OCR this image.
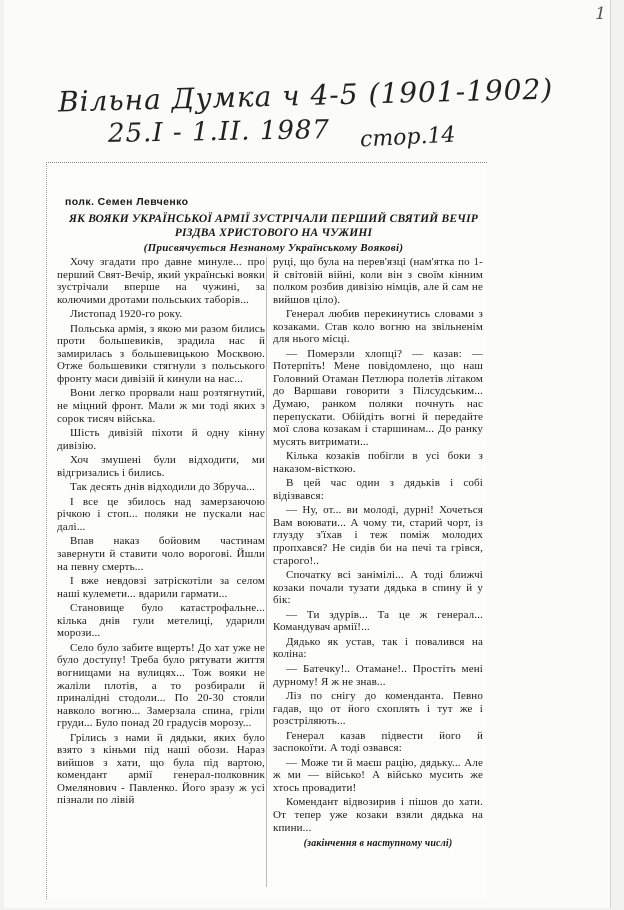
1
Вільна Думка ч 4-5 (1901-1902)
25.I - 1.II. 1987 стор.14
полк. Семен Левченко
ЯК ВОЯКИ УКРАЇНСЬКОЇ АРМІЇ ЗУСТРІЧАЛИ ПЕРШИЙ СВЯТИЙ ВЕЧІР РІЗДВА ХРИСТОВОГО НА ЧУЖИНІ
(Присвячується Незнаному Українському Воякові)

Хочу згадати про давне минуле... про перший Свят-Вечір, який українські вояки зустрічали вперше на чужині, за колючими дротами польських таборів...

Листопад 1920-го року.

Польська армія, з якою ми разом бились проти большевиків, зрадила нас й замирилась з большевицькою Москвою. Отже большевики стягнули з польського фронту маси дивізій й кинули на нас...

Вони легко прорвали наш розтягнутий, не міцний фронт. Мали ж ми тоді яких з сорок тисяч війська.

Шість дивізій піхоти й одну кінну дивізію.

Хоч змушені були відходити, ми відгризались і бились.

Так десять днів відходили до Збруча...

І все це збилось над замерзаючою річкою і стоп... поляки не пускали нас далі...

Впав наказ бойовим частинам завернути й ставити чоло ворогові. Йшли на певну смерть...

І вже невдовзі затріскотіли за селом наші кулемети... вдарили гармати...

Становище було катастрофальне... кілька днів гули метелиці, ударили морози...

Село було забите вщерть! До хат уже не було доступу! Треба було рятувати життя вогнищами на вулицях... Тож вояки не жаліли плотів, а то розбирали й приналідні стодоли... По 20-30 стояли навколо вогню... Замерзала спина, гріли груди... Було понад 20 градусів морозу...

Грілись з нами й дядьки, яких було взято з кіньми під наші обози. Нараз вийшов з хати, що була під вартою, комендант армії генерал-полковник Омелянович - Павленко. Його зразу ж усі пізнали по лівій

руці, що була на перев'язці (нам'ятка по 1-й світовій війні, коли він з своїм кінним полком розбив дивізію німців, але й сам не вийшов ціло).

Генерал любив перекинутись словами з козаками. Став коло вогню на звільненім для нього місці.

— Померзли хлопці? — казав: — Потерпіть! Мене повідомлено, що наш Головний Отаман Петлюра полетів літаком до Варшави говорити з Пілсудським... Думаю, ранком поляки почнуть нас перепускати. Обійдіть вогні й передайте мої слова козакам і старшинам... До ранку мусять витримати...

Кілька козаків побігли в усі боки з наказом-вісткою.

В цей час один з дядьків і собі відізвався:

— Ну, от... ви молоді, дурні! Хочеться Вам воювати... А чому ти, старий чорт, із глузду з'їхав і теж поміж молодих пропхався? Не сидів би на печі та грівся, старого!..

Спочатку всі занімілі... А тоді ближчі козаки почали тузати дядька в спину й у бік:

— Ти здурів... Та це ж генерал... Командувач армії!...

Дядько як устав, так і повалився на коліна:

— Батечку!.. Отамане!.. Простіть мені дурному! Я ж не знав...

Ліз по снігу до коменданта. Певно гадав, що от його схоплять і тут же і розстріляють...

Генерал казав підвести його й заспокоїти. А тоді озвався:

— Може ти й маєш рацію, дядьку... Але ж ми — військо! А військо мусить же хтось провадити!

Комендант відвозирив і пішов до хати. От тепер уже козаки взяли дядька на кпини...

(закінчення в наступному числі)
